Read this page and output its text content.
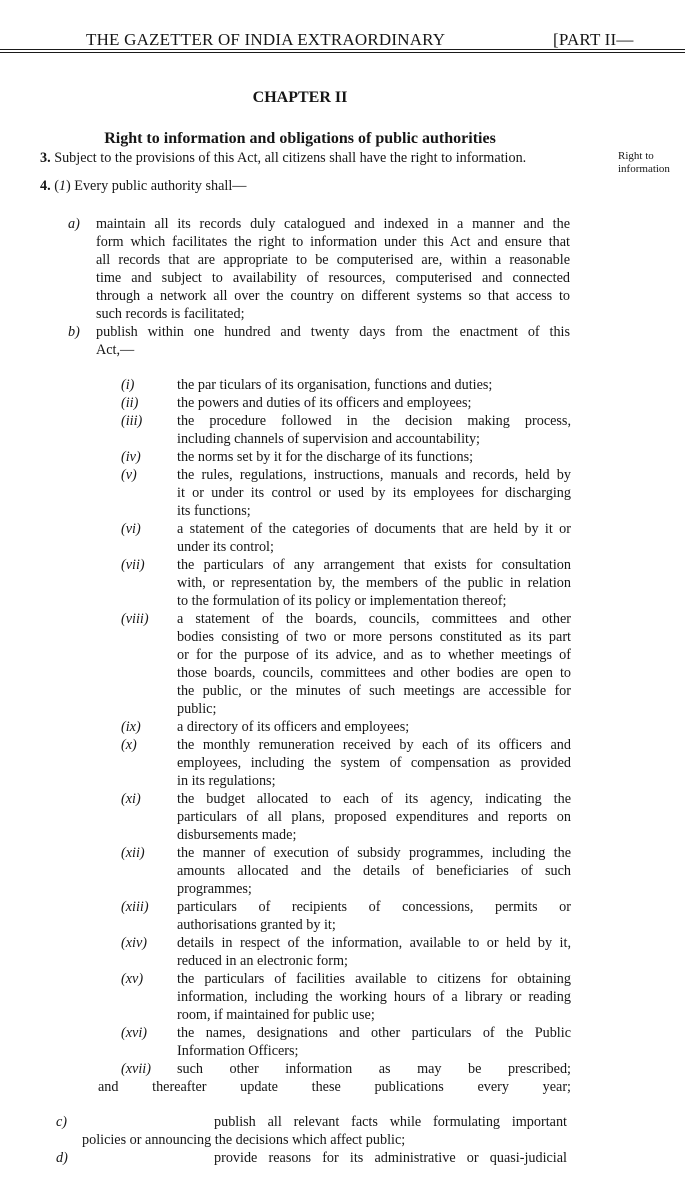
THE GAZETTER OF INDIA EXTRAORDINARY	[PART II—
CHAPTER II
Right to information and obligations of public authorities
Right to
information
3. Subject to the provisions of this Act, all citizens shall have the right to information.
4. (1) Every public authority shall—
a) maintain all its records duly catalogued and indexed in a manner and the
form which facilitates the right to information under this Act and ensure that
all records that are appropriate to be computerised are, within a reasonable
time and subject to availability of resources, computerised and connected
through a network all over the country on different systems so that access to
such records is facilitated;
b) publish within one hundred and twenty days from the enactment of this
Act,—
(i)	the par ticulars of its organisation, functions and duties;
(ii)	the powers and duties of its officers and employees;
(iii) the procedure followed in the decision making process,
including channels of supervision and accountability;
(iv)	the norms set by it for the discharge of its functions;
(v)	the rules, regulations, instructions, manuals and records, held by
it or under its control or used by its employees for discharging
its functions;
(vi)	a statement of the categories of documents that are held by it or
under its control;
(vii) the particulars of any arrangement that exists for consultation
with, or representation by, the members of the public in relation
to the formulation of its policy or implementation thereof;
(viii) a statement of the boards, councils, committees and other
bodies consisting of two or more persons constituted as its part
or for the purpose of its advice, and as to whether meetings of
those boards, councils, committees and other bodies are open to
the public, or the minutes of such meetings are accessible for
public;
(ix)	a directory of its officers and employees;
(x)	the monthly remuneration received by each of its officers and
employees, including the system of compensation as provided
in its regulations;
(xi)	the budget allocated to each of its agency, indicating the
particulars of all plans, proposed expenditures and reports on
disbursements made;
(xii) the manner of execution of subsidy programmes, including the
amounts allocated and the details of beneficiaries of such
programmes;
(xiii) particulars of recipients of concessions, permits or
authorisations granted by it;
(xiv) details in respect of the information, available to or held by it,
reduced in an electronic form;
(xv) the particulars of facilities available to citizens for obtaining
information, including the working hours of a library or reading
room, if maintained for public use;
(xvi) the names, designations and other particulars of the Public
Information Officers;
(xvii) such other information as may be prescribed;
and thereafter update these publications every year;
c)	publish all relevant facts while formulating important
policies or announcing the decisions which affect public;
d)	provide reasons for its administrative or quasi-judicial
